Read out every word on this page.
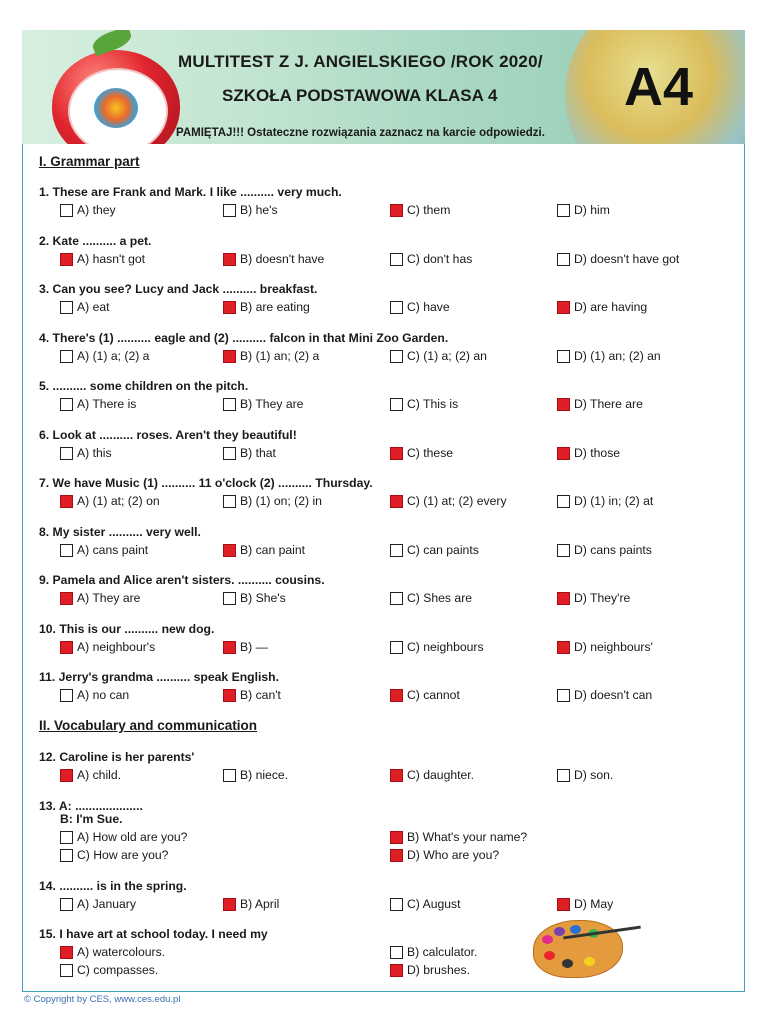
MULTITEST Z J. ANGIELSKIEGO /ROK 2020/
SZKOŁA PODSTAWOWA KLASA 4 A4
PAMIĘTAJ!!! Ostateczne rozwiązania zaznacz na karcie odpowiedzi.
I. Grammar part
II. Vocabulary and communication
1. These are Frank and Mark. I like .......... very much.
A) they	B) he's	C) them	D) him
2. Kate .......... a pet.
A) hasn't got	B) doesn't have	C) don't has	D) doesn't have got
3. Can you see? Lucy and Jack .......... breakfast.
A) eat	B) are eating	C) have	D) are having
4. There's (1) .......... eagle and (2) .......... falcon in that Mini Zoo Garden.
A) (1) a; (2) a	B) (1) an; (2) a	C) (1) a; (2) an	D) (1) an; (2) an
5. .......... some children on the pitch.
A) There is	B) They are	C) This is	D) There are
6. Look at .......... roses. Aren't they beautiful!
A) this	B) that	C) these	D) those
7. We have Music (1) .......... 11 o'clock (2) .......... Thursday.
A) (1) at; (2) on	B) (1) on; (2) in	C) (1) at; (2) every	D) (1) in; (2) at
8. My sister .......... very well.
A) cans paint	B) can paint	C) can paints	D) cans paints
9. Pamela and Alice aren't sisters. .......... cousins.
A) They are	B) She's	C) Shes are	D) They're
10. This is our .......... new dog.
A) neighbour's	B) —	C) neighbours	D) neighbours'
11. Jerry's grandma .......... speak English.
A) no can	B) can't	C) cannot	D) doesn't can
12. Caroline is her parents'
A) child.	B) niece.	C) daughter.	D) son.
13. A: ....................
B: I'm Sue.
A) How old are you?	B) What's your name?
C) How are you?	D) Who are you?
14. .......... is in the spring.
A) January	B) April	C) August	D) May
15. I have art at school today. I need my
A) watercolours.	B) calculator.
C) compasses.	D) brushes.
© Copyright by CES, www.ces.edu.pl
